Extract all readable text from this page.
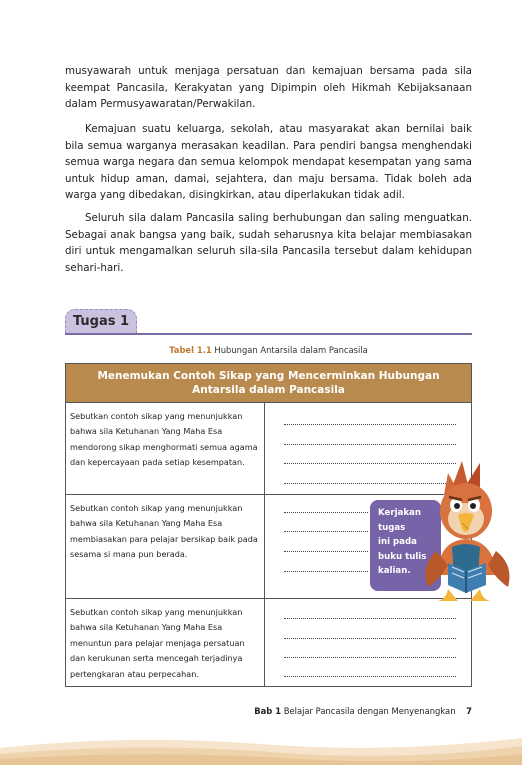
musyawarah untuk menjaga persatuan dan kemajuan bersama pada sila keempat Pancasila, Kerakyatan yang Dipimpin oleh Hikmah Kebijaksanaan dalam Permusyawaratan/Perwakilan.

Kemajuan suatu keluarga, sekolah, atau masyarakat akan bernilai baik bila semua warganya merasakan keadilan. Para pendiri bangsa menghendaki semua warga negara dan semua kelompok mendapat kesempatan yang sama untuk hidup aman, damai, sejahtera, dan maju bersama. Tidak boleh ada warga yang dibedakan, disingkirkan, atau diperlakukan tidak adil.

Seluruh sila dalam Pancasila saling berhubungan dan saling menguatkan. Sebagai anak bangsa yang baik, sudah seharusnya kita belajar membiasakan diri untuk mengamalkan seluruh sila-sila Pancasila tersebut dalam kehidupan sehari-hari.

Tugas 1
Tabel 1.1 Hubungan Antarsila dalam Pancasila
Menemukan Contoh Sikap yang Mencerminkan Hubungan Antarsila dalam Pancasila
Sebutkan contoh sikap yang menunjukkan bahwa sila Ketuhanan Yang Maha Esa mendorong sikap menghormati semua agama dan kepercayaan pada setiap kesempatan.
Sebutkan contoh sikap yang menunjukkan bahwa sila Ketuhanan Yang Maha Esa membiasakan para pelajar bersikap baik pada sesama si mana pun berada.
Sebutkan contoh sikap yang menunjukkan bahwa sila Ketuhanan Yang Maha Esa menuntun para pelajar menjaga persatuan dan kerukunan serta mencegah terjadinya pertengkaran atau perpecahan.
Kerjakan
tugas
ini pada
buku tulis
kalian.
Bab 1 Belajar Pancasila dengan Menyenangkan 7
